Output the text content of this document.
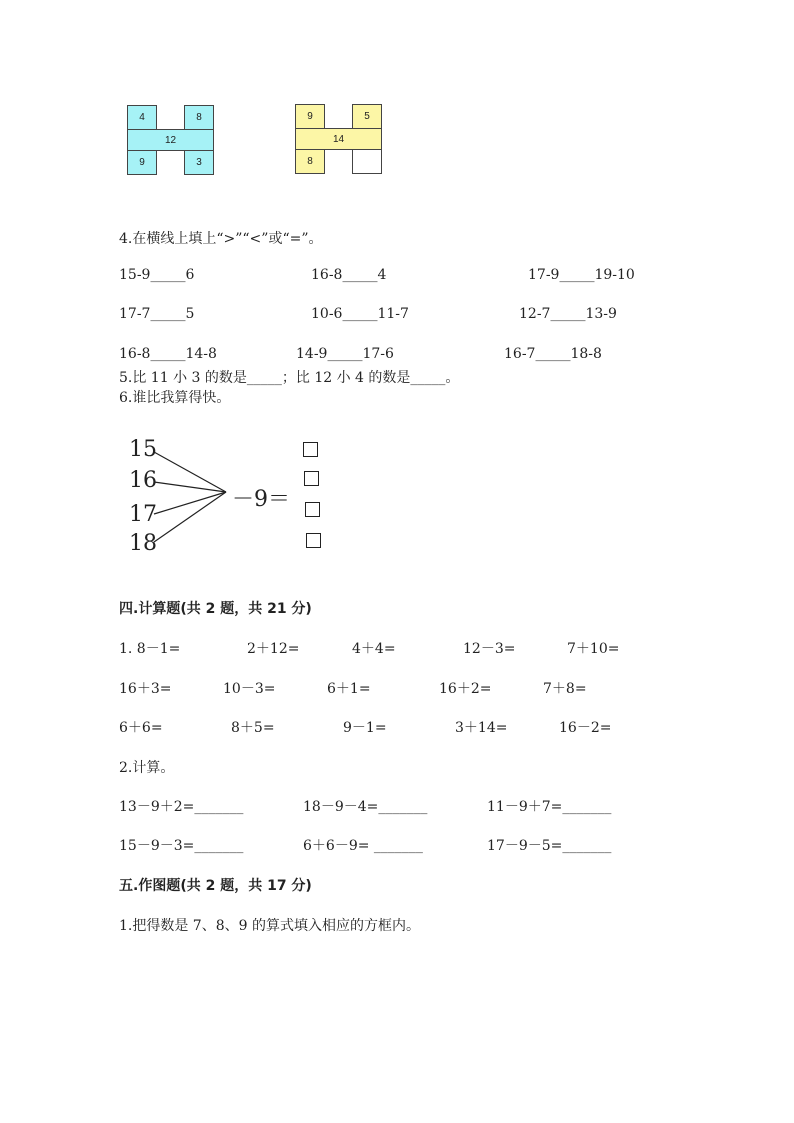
4	8
12
9	3
9	5
14
8
4.在横线上填上“>”“<”或“=”。
15-9_____6	16-8_____4	17-9_____19-10
17-7_____5	10-6_____11-7	12-7_____13-9
16-8_____14-8	14-9_____17-6	16-7_____18-8
5.比 11 小 3 的数是_____；比 12 小 4 的数是_____。
6.谁比我算得快。
15
16
17
18
－9＝
四.计算题(共 2 题，共 21 分)
1. 8－1=	2＋12=	4＋4=	12－3=	7＋10=
16＋3=	10－3=	6＋1=	16＋2=	7＋8=
6＋6=	8＋5=	9－1=	3＋14=	16－2=
2.计算。
13－9＋2=_______	18－9－4=_______	11－9＋7=_______
15－9－3=_______	6＋6－9= _______	17－9－5=_______
五.作图题(共 2 题，共 17 分)
1.把得数是 7、8、9 的算式填入相应的方框内。
